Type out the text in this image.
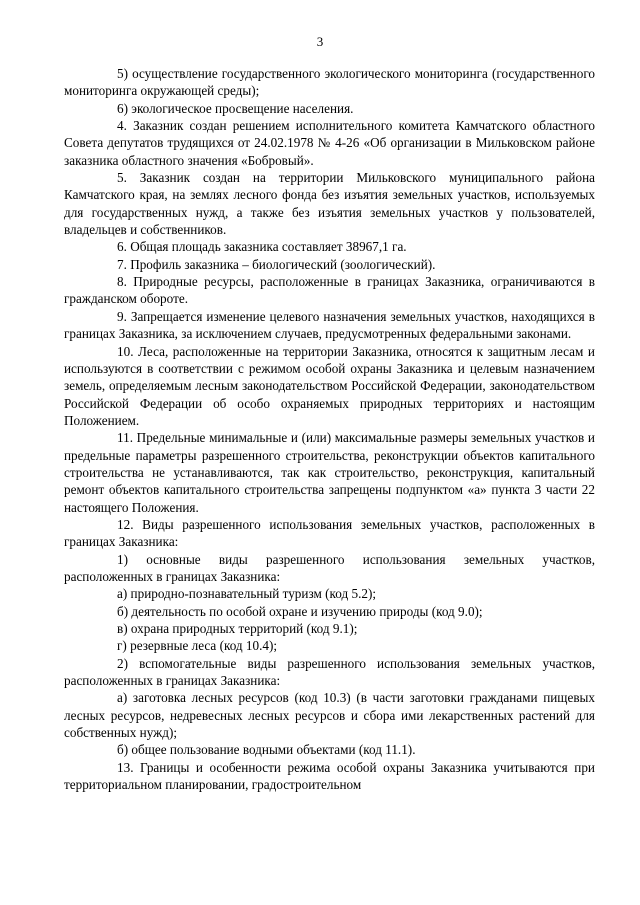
3

5) осуществление государственного экологического мониторинга (государственного мониторинга окружающей среды);

6) экологическое просвещение населения.

4. Заказник создан решением исполнительного комитета Камчатского областного Совета депутатов трудящихся от 24.02.1978 № 4-26 «Об организации в Мильковском районе заказника областного значения «Бобровый».

5. Заказник создан на территории Мильковского муниципального района Камчатского края, на землях лесного фонда без изъятия земельных участков, используемых для государственных нужд, а также без изъятия земельных участков у пользователей, владельцев и собственников.

6. Общая площадь заказника составляет 38967,1 га.

7. Профиль заказника – биологический (зоологический).

8. Природные ресурсы, расположенные в границах Заказника, ограничиваются в гражданском обороте.

9. Запрещается изменение целевого назначения земельных участков, находящихся в границах Заказника, за исключением случаев, предусмотренных федеральными законами.

10. Леса, расположенные на территории Заказника, относятся к защитным лесам и используются в соответствии с режимом особой охраны Заказника и целевым назначением земель, определяемым лесным законодательством Российской Федерации, законодательством Российской Федерации об особо охраняемых природных территориях и настоящим Положением.

11. Предельные минимальные и (или) максимальные размеры земельных участков и предельные параметры разрешенного строительства, реконструкции объектов капитального строительства не устанавливаются, так как строительство, реконструкция, капитальный ремонт объектов капитального строительства запрещены подпунктом «а» пункта 3 части 22 настоящего Положения.

12. Виды разрешенного использования земельных участков, расположенных в границах Заказника:

1) основные виды разрешенного использования земельных участков, расположенных в границах Заказника:

а) природно-познавательный туризм (код 5.2);

б) деятельность по особой охране и изучению природы (код 9.0);

в) охрана природных территорий (код 9.1);

г) резервные леса (код 10.4);

2) вспомогательные виды разрешенного использования земельных участков, расположенных в границах Заказника:

а) заготовка лесных ресурсов (код 10.3) (в части заготовки гражданами пищевых лесных ресурсов, недревесных лесных ресурсов и сбора ими лекарственных растений для собственных нужд);

б) общее пользование водными объектами (код 11.1).

13. Границы и особенности режима особой охраны Заказника учитываются при территориальном планировании, градостроительном
